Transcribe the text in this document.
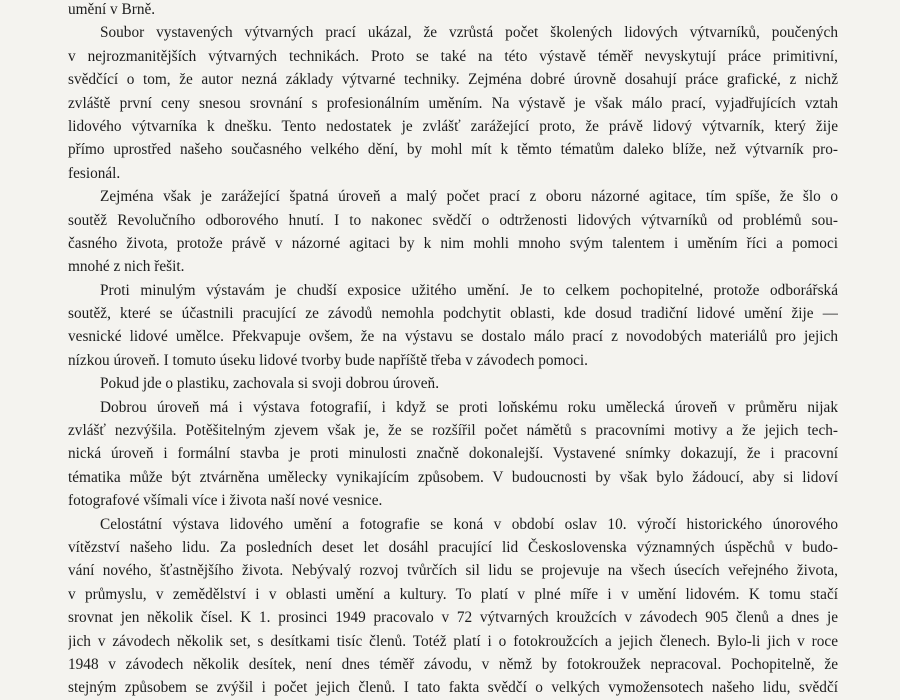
umění v Brně.
Soubor vystavených výtvarných prací ukázal, že vzrůstá počet školených lidových výtvarníků, poučených
v nejrozmanitějších výtvarných technikách. Proto se také na této výstavě téměř nevyskytují práce primitivní,
svědčící o tom, že autor nezná základy výtvarné techniky. Zejména dobré úrovně dosahují práce grafické, z nichž
zvláště první ceny snesou srovnání s profesionálním uměním. Na výstavě je však málo prací, vyjadřujících vztah
lidového výtvarníka k dnešku. Tento nedostatek je zvlášť zarážející proto, že právě lidový výtvarník, který žije
přímo uprostřed našeho současného velkého dění, by mohl mít k těmto tématům daleko blíže, než výtvarník pro-
fesionál.
Zejména však je zarážející špatná úroveň a malý počet prací z oboru názorné agitace, tím spíše, že šlo o
soutěž Revolučního odborového hnutí. I to nakonec svědčí o odtrženosti lidových výtvarníků od problémů sou-
časného života, protože právě v názorné agitaci by k nim mohli mnoho svým talentem i uměním říci a pomoci
mnohé z nich řešit.
Proti minulým výstavám je chudší exposice užitého umění. Je to celkem pochopitelné, protože odborářská
soutěž, které se účastnili pracující ze závodů nemohla podchytit oblasti, kde dosud tradiční lidové umění žije —
vesnické lidové umělce. Překvapuje ovšem, že na výstavu se dostalo málo prací z novodobých materiálů pro jejich
nízkou úroveň. I tomuto úseku lidové tvorby bude napříště třeba v závodech pomoci.
Pokud jde o plastiku, zachovala si svoji dobrou úroveň.
Dobrou úroveň má i výstava fotografií, i když se proti loňskému roku umělecká úroveň v průměru nijak
zvlášť nezvýšila. Potěšitelným zjevem však je, že se rozšířil počet námětů s pracovními motivy a že jejich tech-
nická úroveň i formální stavba je proti minulosti značně dokonalejší. Vystavené snímky dokazují, že i pracovní
tématika může být ztvárněna umělecky vynikajícím způsobem. V budoucnosti by však bylo žádoucí, aby si lidoví
fotografové všímali více i života naší nové vesnice.
Celostátní výstava lidového umění a fotografie se koná v období oslav 10. výročí historického únorového
vítězství našeho lidu. Za posledních deset let dosáhl pracující lid Československa významných úspěchů v budo-
vání nového, šťastnějšího života. Nebývalý rozvoj tvůrčích sil lidu se projevuje na všech úsecích veřejného života,
v průmyslu, v zemědělství i v oblasti umění a kultury. To platí v plné míře i v umění lidovém. K tomu stačí
srovnat jen několik čísel. K 1. prosinci 1949 pracovalo v 72 výtvarných kroužcích v závodech 905 členů a dnes je
jich v závodech několik set, s desítkami tisíc členů. Totéž platí i o fotokroužcích a jejich členech. Bylo-li jich v roce
1948 v závodech několik desítek, není dnes téměř závodu, v němž by fotokroužek nepracoval. Pochopitelně, že
stejným způsobem se zvýšil i počet jejich členů. I tato fakta svědčí o velkých vymožensotech našeho lidu, svědčí
